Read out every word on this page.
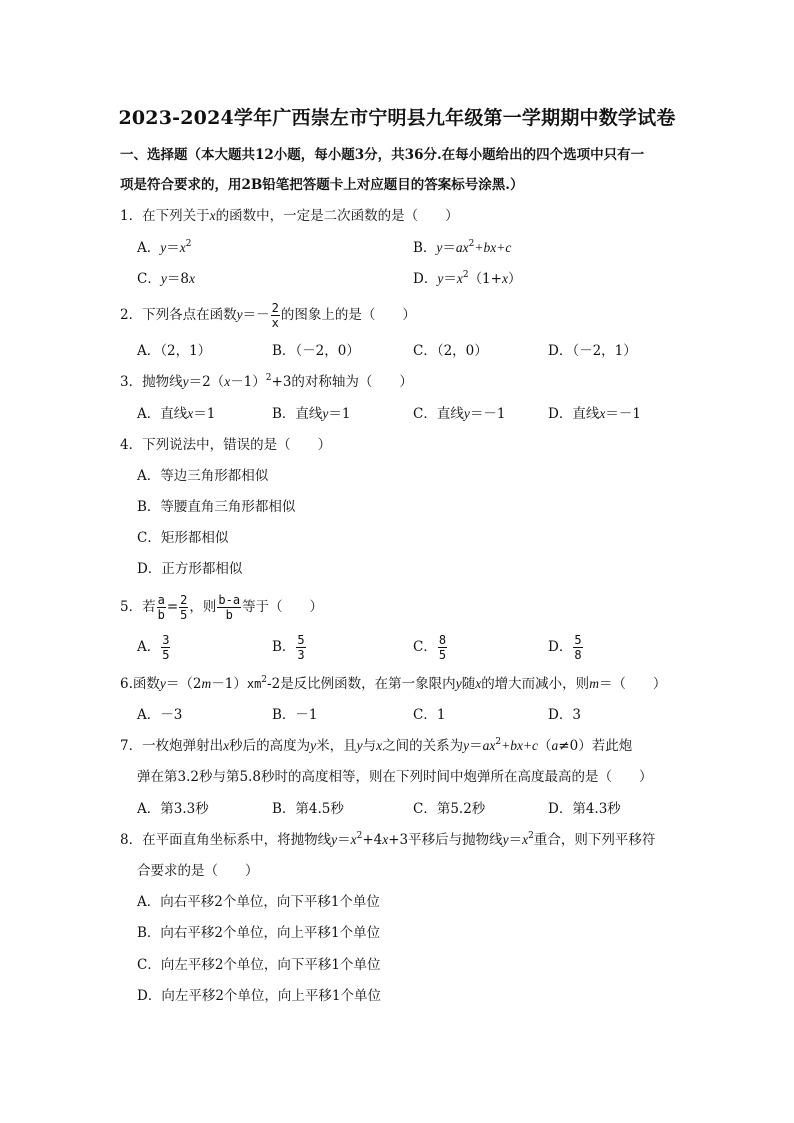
2023-2024学年广西崇左市宁明县九年级第一学期期中数学试卷
一、选择题（本大题共12小题，每小题3分，共36分.在每小题给出的四个选项中只有一
项是符合要求的，用2B铅笔把答题卡上对应题目的答案标号涂黑.）
1．在下列关于x的函数中，一定是二次函数的是（　　）
A．$y=x^2$	B．$y=ax^2+bx+c$
C．y＝8x	D．$y=x^2(1+x)$
2．下列各点在函数$y=- \frac{2}{x}$ 的图象上的是（　　）
A．（2，1）	B．（－2，0）	C．（2，0）	D．（－2，1）
3．抛物线$y=2(x-1)^2+3$的对称轴为（　　）
A．直线x＝1	B．直线y＝1	C．直线y＝－1	D．直线x＝－1
4．下列说法中，错误的是（　　）
A．等边三角形都相似
B．等腰直角三角形都相似
C．矩形都相似
D．正方形都相似
5．若 $\frac{a}{b} = \frac{2}{5}$ ，则 $\frac{b-a}{b}$ 等于（　　）
A． $\frac{3}{5}$	B． $\frac{5}{3}$	C． $\frac{8}{5}$	D． $\frac{5}{8}$
6.函数$y=(2m-1)xm^2-2$是反比例函数，在第一象限内y随x的增大而减小，则m＝（　　）
A．－3	B．－1	C．1	D．3
7．一枚炮弹射出x秒后的高度为y米，且y与x之间的关系为$y=ax^2+bx+c(a\ne 0)$若此炮
弹在第3.2秒与第5.8秒时的高度相等，则在下列时间中炮弹所在高度最高的是（　　）
A．第3.3秒	B．第4.5秒	C．第5.2秒	D．第4.3秒
8．在平面直角坐标系中，将抛物线$y=x^2+4x+3$平移后与抛物线$y=x^2$重合，则下列平移符
合要求的是（　　）
A．向右平移2个单位，向下平移1个单位
B．向右平移2个单位，向上平移1个单位
C．向左平移2个单位，向下平移1个单位
D．向左平移2个单位，向上平移1个单位
